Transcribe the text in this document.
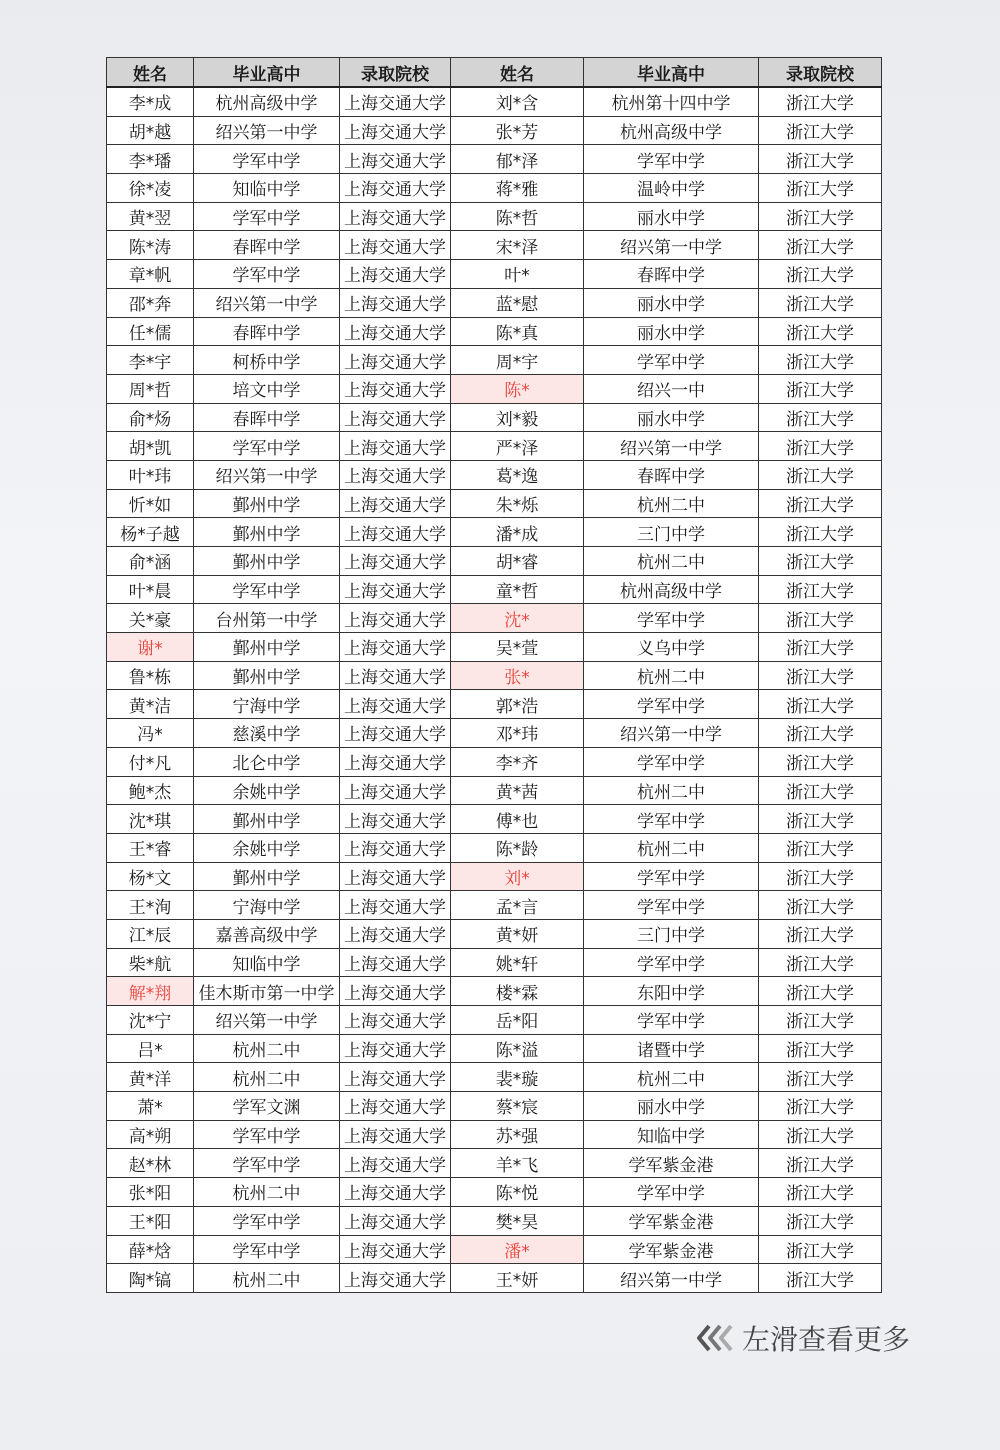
姓名	毕业高中	录取院校	姓名	毕业高中	录取院校
李*成	杭州高级中学	上海交通大学	刘*含	杭州第十四中学	浙江大学
胡*越	绍兴第一中学	上海交通大学	张*芳	杭州高级中学	浙江大学
李*璠	学军中学	上海交通大学	郁*泽	学军中学	浙江大学
徐*凌	知临中学	上海交通大学	蒋*雅	温岭中学	浙江大学
黄*翌	学军中学	上海交通大学	陈*哲	丽水中学	浙江大学
陈*涛	春晖中学	上海交通大学	宋*泽	绍兴第一中学	浙江大学
章*帆	学军中学	上海交通大学	叶*	春晖中学	浙江大学
邵*奔	绍兴第一中学	上海交通大学	蓝*慰	丽水中学	浙江大学
任*儒	春晖中学	上海交通大学	陈*真	丽水中学	浙江大学
李*宇	柯桥中学	上海交通大学	周*宇	学军中学	浙江大学
周*哲	培文中学	上海交通大学	陈*	绍兴一中	浙江大学
俞*炀	春晖中学	上海交通大学	刘*毅	丽水中学	浙江大学
胡*凯	学军中学	上海交通大学	严*泽	绍兴第一中学	浙江大学
叶*玮	绍兴第一中学	上海交通大学	葛*逸	春晖中学	浙江大学
忻*如	鄞州中学	上海交通大学	朱*烁	杭州二中	浙江大学
杨*子越	鄞州中学	上海交通大学	潘*成	三门中学	浙江大学
俞*涵	鄞州中学	上海交通大学	胡*睿	杭州二中	浙江大学
叶*晨	学军中学	上海交通大学	童*哲	杭州高级中学	浙江大学
关*豪	台州第一中学	上海交通大学	沈*	学军中学	浙江大学
谢*	鄞州中学	上海交通大学	吴*萱	义乌中学	浙江大学
鲁*栋	鄞州中学	上海交通大学	张*	杭州二中	浙江大学
黄*洁	宁海中学	上海交通大学	郭*浩	学军中学	浙江大学
冯*	慈溪中学	上海交通大学	邓*玮	绍兴第一中学	浙江大学
付*凡	北仑中学	上海交通大学	李*齐	学军中学	浙江大学
鲍*杰	余姚中学	上海交通大学	黄*茜	杭州二中	浙江大学
沈*琪	鄞州中学	上海交通大学	傅*也	学军中学	浙江大学
王*睿	余姚中学	上海交通大学	陈*龄	杭州二中	浙江大学
杨*文	鄞州中学	上海交通大学	刘*	学军中学	浙江大学
王*洵	宁海中学	上海交通大学	孟*言	学军中学	浙江大学
江*辰	嘉善高级中学	上海交通大学	黄*妍	三门中学	浙江大学
柴*航	知临中学	上海交通大学	姚*轩	学军中学	浙江大学
解*翔	佳木斯市第一中学	上海交通大学	楼*霖	东阳中学	浙江大学
沈*宁	绍兴第一中学	上海交通大学	岳*阳	学军中学	浙江大学
吕*	杭州二中	上海交通大学	陈*溢	诸暨中学	浙江大学
黄*洋	杭州二中	上海交通大学	裴*璇	杭州二中	浙江大学
萧*	学军文渊	上海交通大学	蔡*宸	丽水中学	浙江大学
高*朔	学军中学	上海交通大学	苏*强	知临中学	浙江大学
赵*林	学军中学	上海交通大学	羊*飞	学军紫金港	浙江大学
张*阳	杭州二中	上海交通大学	陈*悦	学军中学	浙江大学
王*阳	学军中学	上海交通大学	樊*昊	学军紫金港	浙江大学
薛*焓	学军中学	上海交通大学	潘*	学军紫金港	浙江大学
陶*镐	杭州二中	上海交通大学	王*妍	绍兴第一中学	浙江大学
左滑查看更多
